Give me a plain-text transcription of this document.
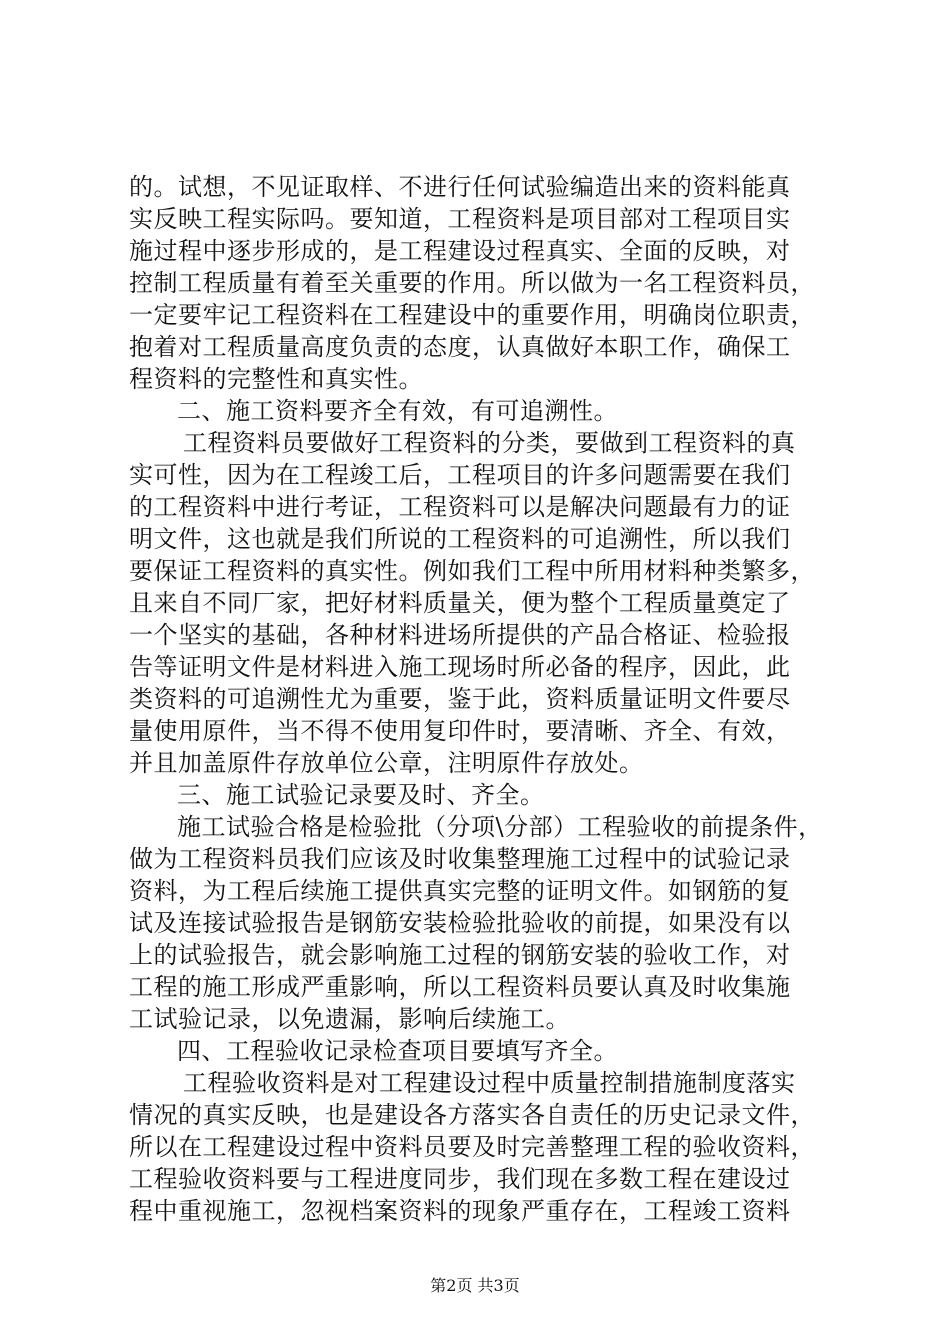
的。试想，不见证取样、不进行任何试验编造出来的资料能真
实反映工程实际吗。要知道，工程资料是项目部对工程项目实
施过程中逐步形成的，是工程建设过程真实、全面的反映，对
控制工程质量有着至关重要的作用。所以做为一名工程资料员，
一定要牢记工程资料在工程建设中的重要作用，明确岗位职责，
抱着对工程质量高度负责的态度，认真做好本职工作，确保工
程资料的完整性和真实性。
二、施工资料要齐全有效，有可追溯性。
工程资料员要做好工程资料的分类，要做到工程资料的真
实可性，因为在工程竣工后，工程项目的许多问题需要在我们
的工程资料中进行考证，工程资料可以是解决问题最有力的证
明文件，这也就是我们所说的工程资料的可追溯性，所以我们
要保证工程资料的真实性。例如我们工程中所用材料种类繁多，
且来自不同厂家，把好材料质量关，便为整个工程质量奠定了
一个坚实的基础，各种材料进场所提供的产品合格证、检验报
告等证明文件是材料进入施工现场时所必备的程序，因此，此
类资料的可追溯性尤为重要，鉴于此，资料质量证明文件要尽
量使用原件，当不得不使用复印件时，要清晰、齐全、有效，
并且加盖原件存放单位公章，注明原件存放处。
三、施工试验记录要及时、齐全。
施工试验合格是检验批（分项\分部）工程验收的前提条件，
做为工程资料员我们应该及时收集整理施工过程中的试验记录
资料，为工程后续施工提供真实完整的证明文件。如钢筋的复
试及连接试验报告是钢筋安装检验批验收的前提，如果没有以
上的试验报告，就会影响施工过程的钢筋安装的验收工作，对
工程的施工形成严重影响，所以工程资料员要认真及时收集施
工试验记录，以免遗漏，影响后续施工。
四、工程验收记录检查项目要填写齐全。
工程验收资料是对工程建设过程中质量控制措施制度落实
情况的真实反映，也是建设各方落实各自责任的历史记录文件，
所以在工程建设过程中资料员要及时完善整理工程的验收资料，
工程验收资料要与工程进度同步，我们现在多数工程在建设过
程中重视施工，忽视档案资料的现象严重存在，工程竣工资料
第2页 共3页
